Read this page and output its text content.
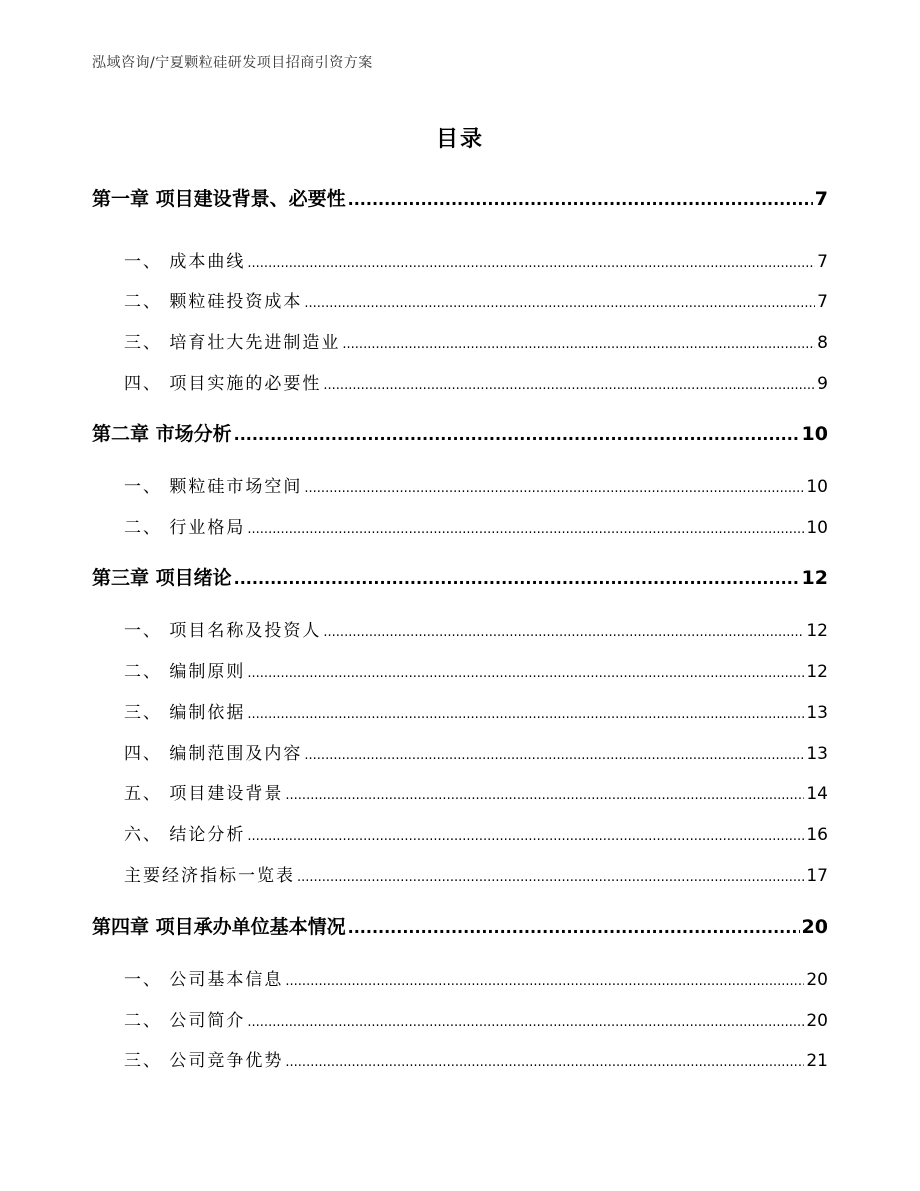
泓域咨询/宁夏颗粒硅研发项目招商引资方案
目录
第一章 项目建设背景、必要性 .....	7
一、 成本曲线 .....	7
二、 颗粒硅投资成本 .....	7
三、 培育壮大先进制造业 .....	8
四、 项目实施的必要性 .....	9
第二章 市场分析 .....	10
一、 颗粒硅市场空间 .....	10
二、 行业格局 .....	10
第三章 项目绪论 .....	12
一、 项目名称及投资人 .....	12
二、 编制原则 .....	12
三、 编制依据 .....	13
四、 编制范围及内容 .....	13
五、 项目建设背景 .....	14
六、 结论分析 .....	16
主要经济指标一览表 .....	17
第四章 项目承办单位基本情况 .....	20
一、 公司基本信息 .....	20
二、 公司简介 .....	20
三、 公司竞争优势 .....	21
